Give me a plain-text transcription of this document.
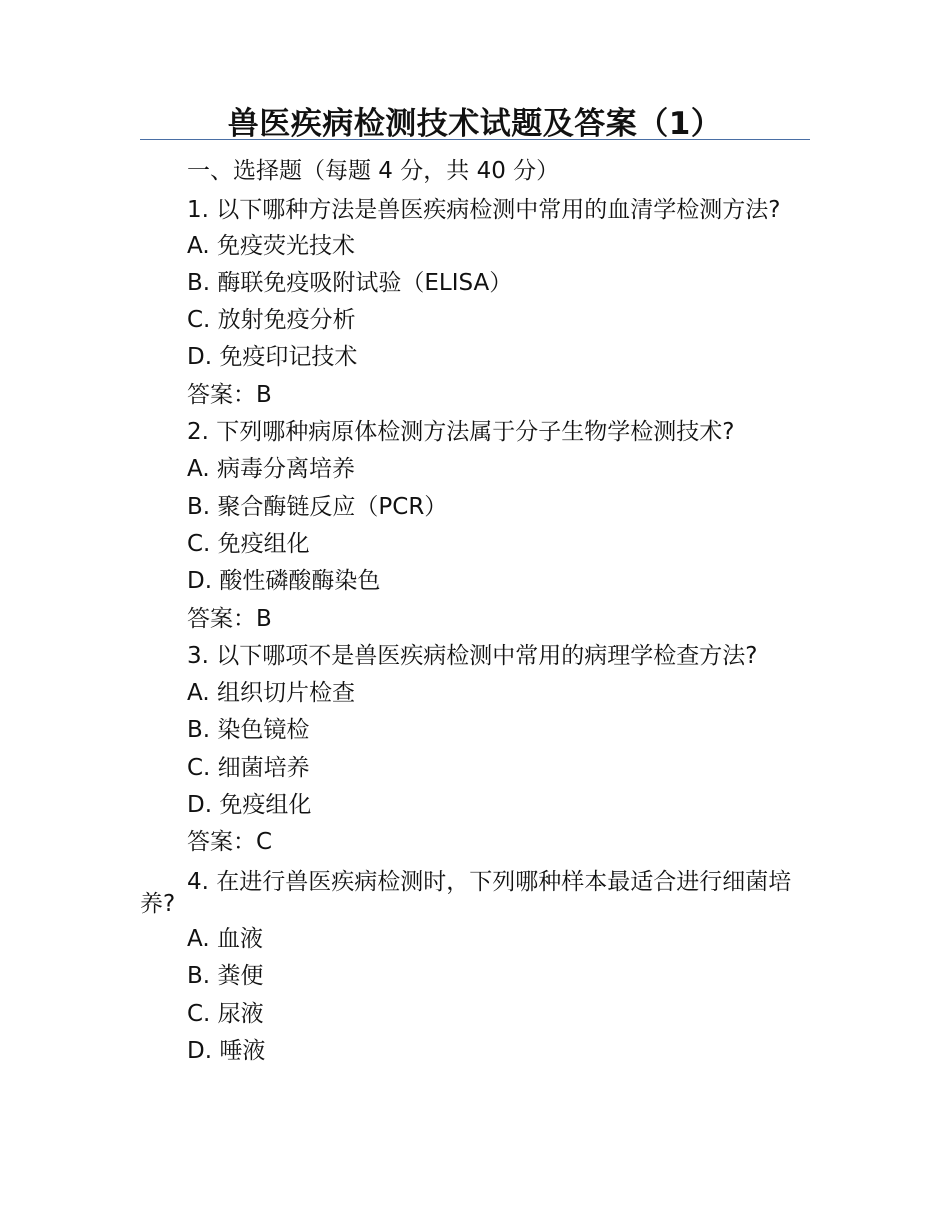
兽医疾病检测技术试题及答案（1）
一、选择题（每题 4 分，共 40 分）
1. 以下哪种方法是兽医疾病检测中常用的血清学检测方法?
A. 免疫荧光技术
B. 酶联免疫吸附试验（ELISA）
C. 放射免疫分析
D. 免疫印记技术
答案：B
2. 下列哪种病原体检测方法属于分子生物学检测技术?
A. 病毒分离培养
B. 聚合酶链反应（PCR）
C. 免疫组化
D. 酸性磷酸酶染色
答案：B
3. 以下哪项不是兽医疾病检测中常用的病理学检查方法?
A. 组织切片检查
B. 染色镜检
C. 细菌培养
D. 免疫组化
答案：C
4. 在进行兽医疾病检测时，下列哪种样本最适合进行细菌培养?
A. 血液
B. 粪便
C. 尿液
D. 唾液
